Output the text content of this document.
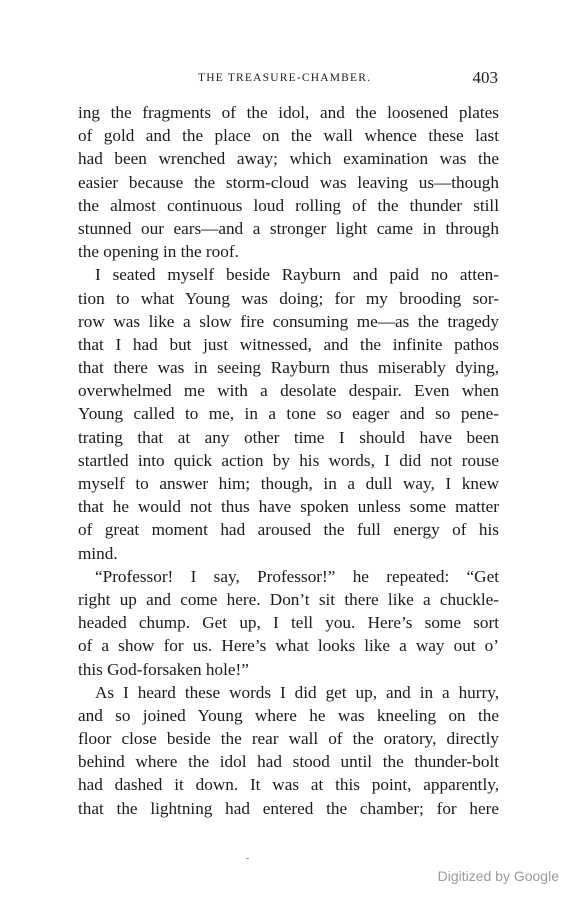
THE TREASURE-CHAMBER.	403
ing the fragments of the idol, and the loosened plates
of gold and the place on the wall whence these last
had been wrenched away; which examination was the
easier because the storm-cloud was leaving us—though
the almost continuous loud rolling of the thunder still
stunned our ears—and a stronger light came in through
the opening in the roof.
I seated myself beside Rayburn and paid no atten-
tion to what Young was doing; for my brooding sor-
row was like a slow fire consuming me—as the tragedy
that I had but just witnessed, and the infinite pathos
that there was in seeing Rayburn thus miserably dying,
overwhelmed me with a desolate despair. Even when
Young called to me, in a tone so eager and so pene-
trating that at any other time I should have been
startled into quick action by his words, I did not rouse
myself to answer him; though, in a dull way, I knew
that he would not thus have spoken unless some matter
of great moment had aroused the full energy of his
mind.
“Professor! I say, Professor!” he repeated: “Get
right up and come here. Don’t sit there like a chuckle-
headed chump. Get up, I tell you. Here’s some sort
of a show for us. Here’s what looks like a way out o’
this God-forsaken hole!”
As I heard these words I did get up, and in a hurry,
and so joined Young where he was kneeling on the
floor close beside the rear wall of the oratory, directly
behind where the idol had stood until the thunder-bolt
had dashed it down. It was at this point, apparently,
that the lightning had entered the chamber; for here
Digitized by Google
